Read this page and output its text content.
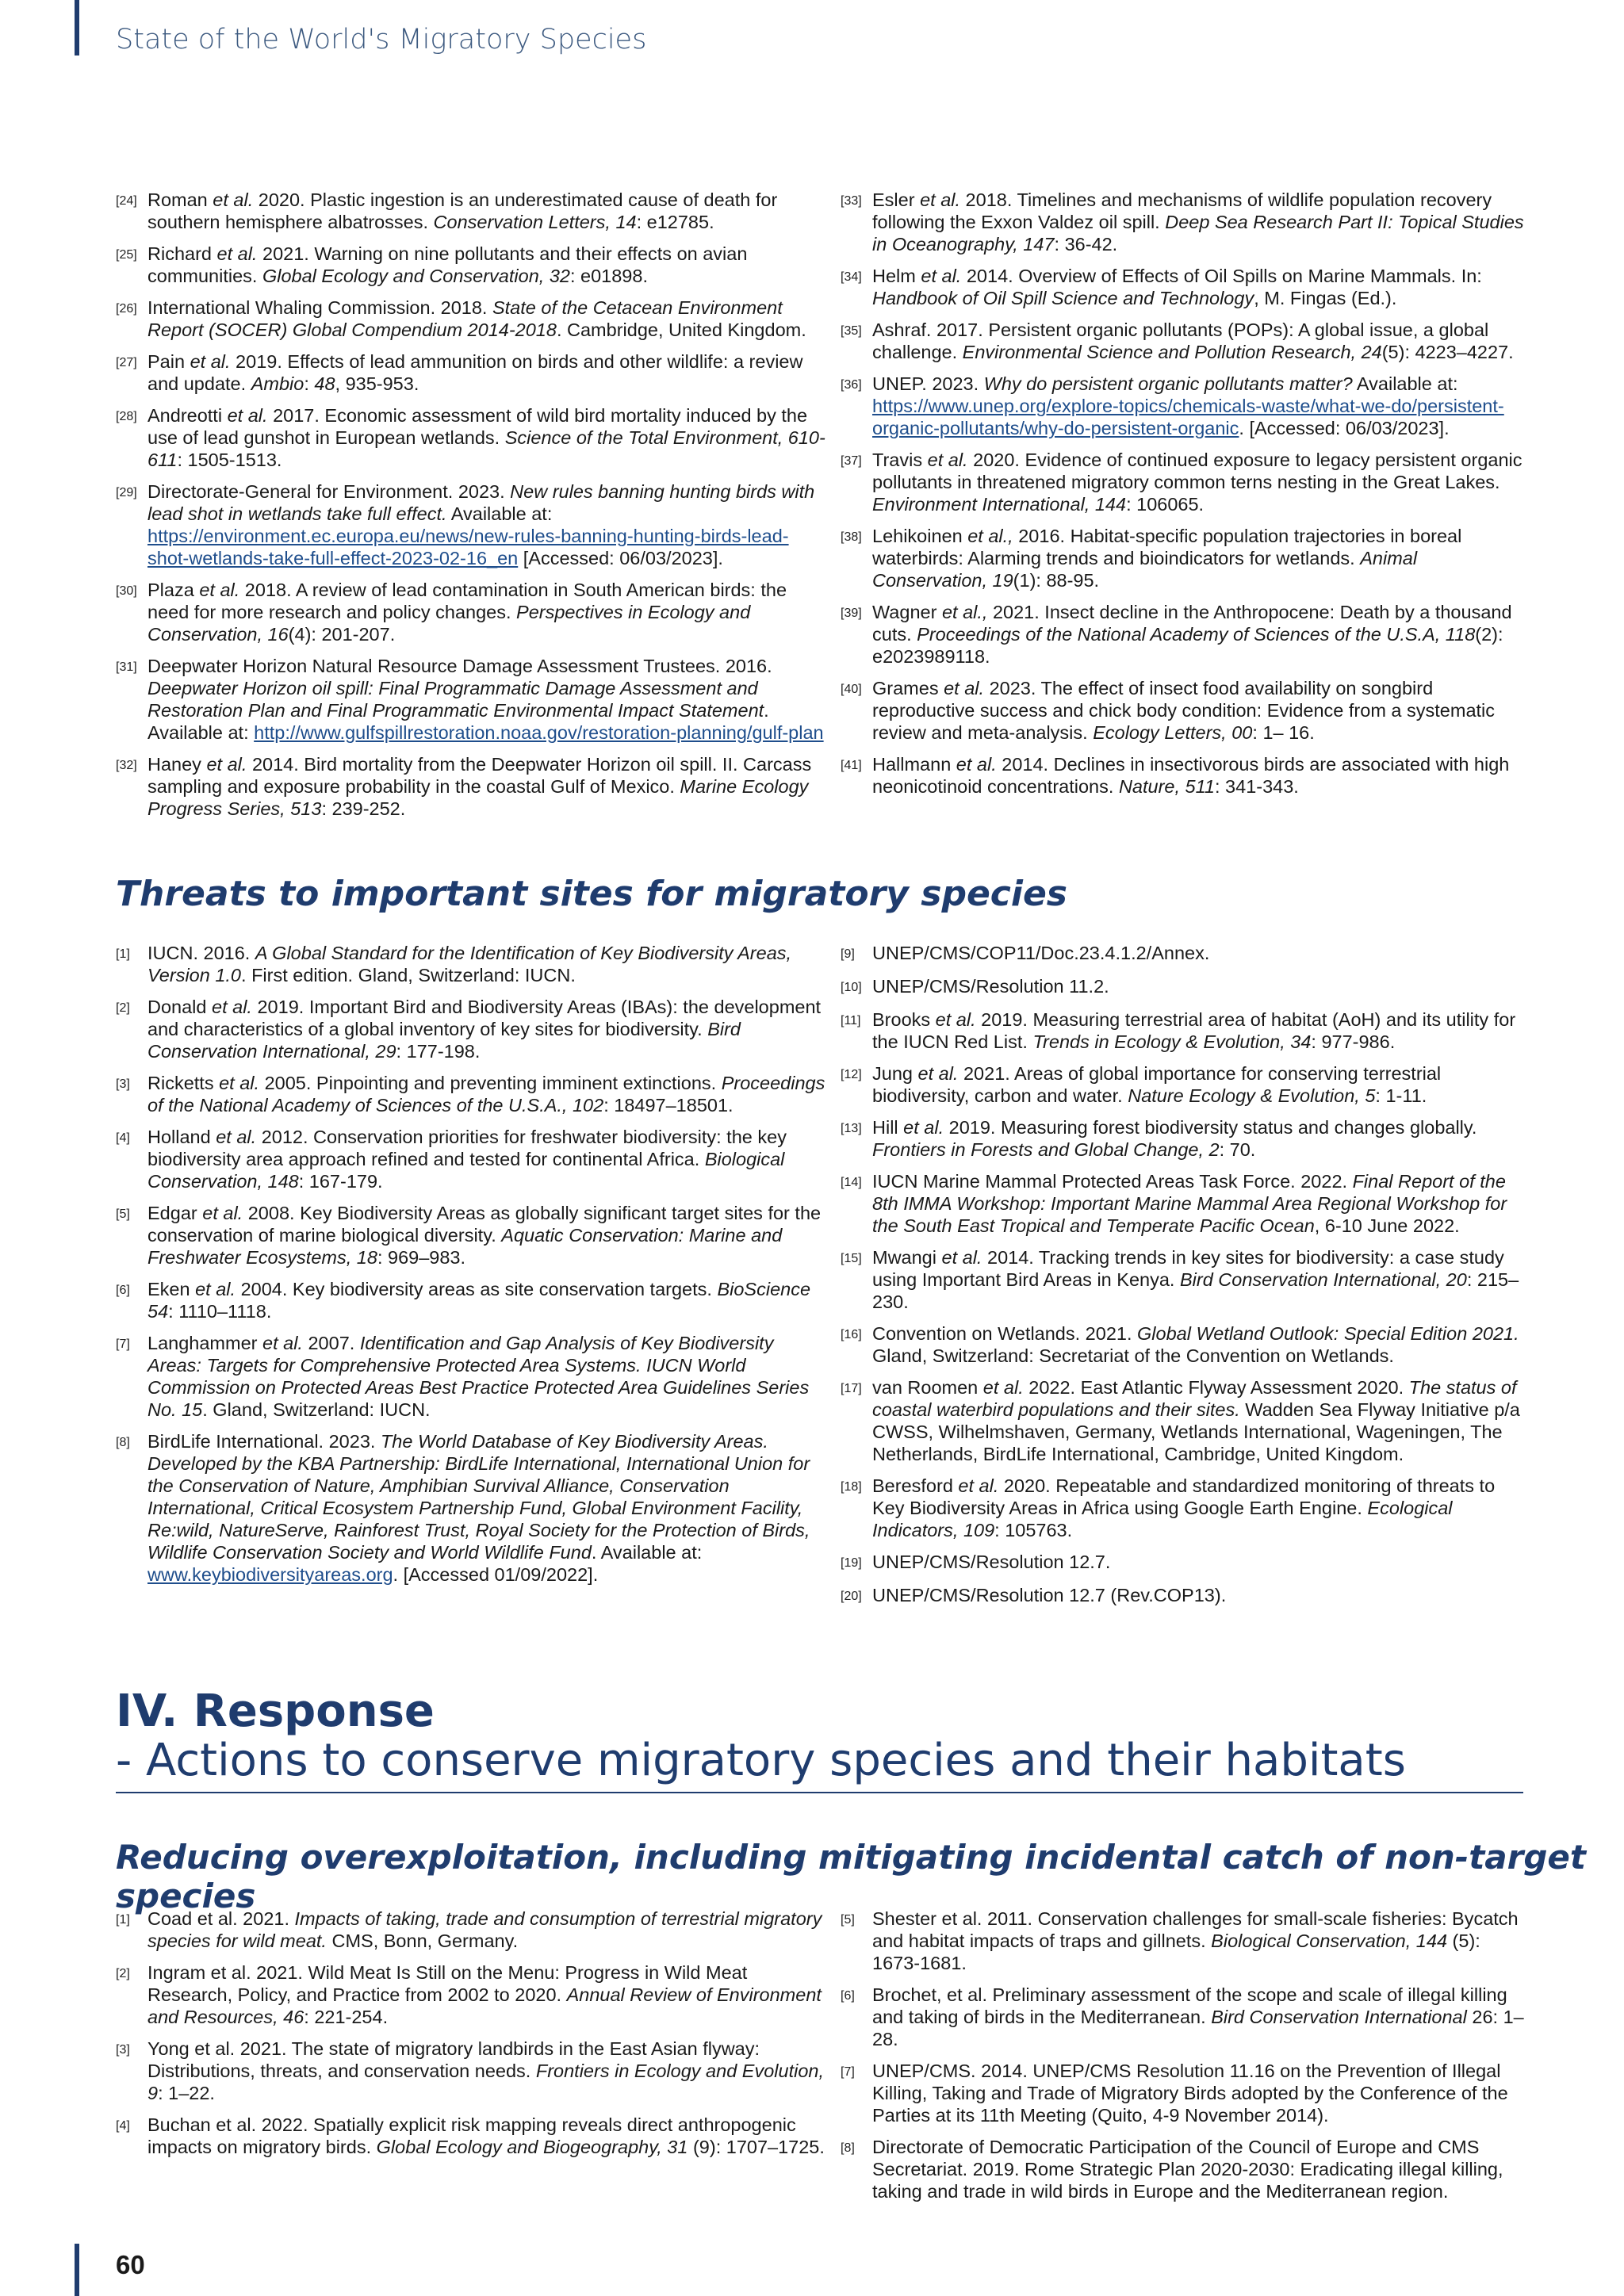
State of the World's Migratory Species
[24] Roman et al. 2020. Plastic ingestion is an underestimated cause of death for southern hemisphere albatrosses. Conservation Letters, 14: e12785.
[25] Richard et al. 2021. Warning on nine pollutants and their effects on avian communities. Global Ecology and Conservation, 32: e01898.
[26] International Whaling Commission. 2018. State of the Cetacean Environment Report (SOCER) Global Compendium 2014-2018. Cambridge, United Kingdom.
[27] Pain et al. 2019. Effects of lead ammunition on birds and other wildlife: a review and update. Ambio: 48, 935-953.
[28] Andreotti et al. 2017. Economic assessment of wild bird mortality induced by the use of lead gunshot in European wetlands. Science of the Total Environment, 610-611: 1505-1513.
[29] Directorate-General for Environment. 2023. New rules banning hunting birds with lead shot in wetlands take full effect. Available at: https://environment.ec.europa.eu/news/new-rules-banning-hunting-birds-lead-shot-wetlands-take-full-effect-2023-02-16_en [Accessed: 06/03/2023].
[30] Plaza et al. 2018. A review of lead contamination in South American birds: the need for more research and policy changes. Perspectives in Ecology and Conservation, 16(4): 201-207.
[31] Deepwater Horizon Natural Resource Damage Assessment Trustees. 2016. Deepwater Horizon oil spill: Final Programmatic Damage Assessment and Restoration Plan and Final Programmatic Environmental Impact Statement. Available at: http://www.gulfspillrestoration.noaa.gov/restoration-planning/gulf-plan
[32] Haney et al. 2014. Bird mortality from the Deepwater Horizon oil spill. II. Carcass sampling and exposure probability in the coastal Gulf of Mexico. Marine Ecology Progress Series, 513: 239-252.
[33] Esler et al. 2018. Timelines and mechanisms of wildlife population recovery following the Exxon Valdez oil spill. Deep Sea Research Part II: Topical Studies in Oceanography, 147: 36-42.
[34] Helm et al. 2014. Overview of Effects of Oil Spills on Marine Mammals. In: Handbook of Oil Spill Science and Technology, M. Fingas (Ed.).
[35] Ashraf. 2017. Persistent organic pollutants (POPs): A global issue, a global challenge. Environmental Science and Pollution Research, 24(5): 4223–4227.
[36] UNEP. 2023. Why do persistent organic pollutants matter? Available at: https://www.unep.org/explore-topics/chemicals-waste/what-we-do/persistent-organic-pollutants/why-do-persistent-organic. [Accessed: 06/03/2023].
[37] Travis et al. 2020. Evidence of continued exposure to legacy persistent organic pollutants in threatened migratory common terns nesting in the Great Lakes. Environment International, 144: 106065.
[38] Lehikoinen et al., 2016. Habitat-specific population trajectories in boreal waterbirds: Alarming trends and bioindicators for wetlands. Animal Conservation, 19(1): 88-95.
[39] Wagner et al., 2021. Insect decline in the Anthropocene: Death by a thousand cuts. Proceedings of the National Academy of Sciences of the U.S.A, 118(2): e2023989118.
[40] Grames et al. 2023. The effect of insect food availability on songbird reproductive success and chick body condition: Evidence from a systematic review and meta-analysis. Ecology Letters, 00: 1– 16.
[41] Hallmann et al. 2014. Declines in insectivorous birds are associated with high neonicotinoid concentrations. Nature, 511: 341-343.
Threats to important sites for migratory species
[1] IUCN. 2016. A Global Standard for the Identification of Key Biodiversity Areas, Version 1.0. First edition. Gland, Switzerland: IUCN.
[2] Donald et al. 2019. Important Bird and Biodiversity Areas (IBAs): the development and characteristics of a global inventory of key sites for biodiversity. Bird Conservation International, 29: 177-198.
[3] Ricketts et al. 2005. Pinpointing and preventing imminent extinctions. Proceedings of the National Academy of Sciences of the U.S.A., 102: 18497–18501.
[4] Holland et al. 2012. Conservation priorities for freshwater biodiversity: the key biodiversity area approach refined and tested for continental Africa. Biological Conservation, 148: 167-179.
[5] Edgar et al. 2008. Key Biodiversity Areas as globally significant target sites for the conservation of marine biological diversity. Aquatic Conservation: Marine and Freshwater Ecosystems, 18: 969–983.
[6] Eken et al. 2004. Key biodiversity areas as site conservation targets. BioScience 54: 1110–1118.
[7] Langhammer et al. 2007. Identification and Gap Analysis of Key Biodiversity Areas: Targets for Comprehensive Protected Area Systems. IUCN World Commission on Protected Areas Best Practice Protected Area Guidelines Series No. 15. Gland, Switzerland: IUCN.
[8] BirdLife International. 2023. The World Database of Key Biodiversity Areas. Developed by the KBA Partnership: BirdLife International, International Union for the Conservation of Nature, Amphibian Survival Alliance, Conservation International, Critical Ecosystem Partnership Fund, Global Environment Facility, Re:wild, NatureServe, Rainforest Trust, Royal Society for the Protection of Birds, Wildlife Conservation Society and World Wildlife Fund. Available at: www.keybiodiversityareas.org. [Accessed 01/09/2022].
[9] UNEP/CMS/COP11/Doc.23.4.1.2/Annex.
[10] UNEP/CMS/Resolution 11.2.
[11] Brooks et al. 2019. Measuring terrestrial area of habitat (AoH) and its utility for the IUCN Red List. Trends in Ecology & Evolution, 34: 977-986.
[12] Jung et al. 2021. Areas of global importance for conserving terrestrial biodiversity, carbon and water. Nature Ecology & Evolution, 5: 1-11.
[13] Hill et al. 2019. Measuring forest biodiversity status and changes globally. Frontiers in Forests and Global Change, 2: 70.
[14] IUCN Marine Mammal Protected Areas Task Force. 2022. Final Report of the 8th IMMA Workshop: Important Marine Mammal Area Regional Workshop for the South East Tropical and Temperate Pacific Ocean, 6-10 June 2022.
[15] Mwangi et al. 2014. Tracking trends in key sites for biodiversity: a case study using Important Bird Areas in Kenya. Bird Conservation International, 20: 215–230.
[16] Convention on Wetlands. 2021. Global Wetland Outlook: Special Edition 2021. Gland, Switzerland: Secretariat of the Convention on Wetlands.
[17] van Roomen et al. 2022. East Atlantic Flyway Assessment 2020. The status of coastal waterbird populations and their sites. Wadden Sea Flyway Initiative p/a CWSS, Wilhelmshaven, Germany, Wetlands International, Wageningen, The Netherlands, BirdLife International, Cambridge, United Kingdom.
[18] Beresford et al. 2020. Repeatable and standardized monitoring of threats to Key Biodiversity Areas in Africa using Google Earth Engine. Ecological Indicators, 109: 105763.
[19] UNEP/CMS/Resolution 12.7.
[20] UNEP/CMS/Resolution 12.7 (Rev.COP13).
IV. Response
- Actions to conserve migratory species and their habitats
Reducing overexploitation, including mitigating incidental catch of non-target species
[1] Coad et al. 2021. Impacts of taking, trade and consumption of terrestrial migratory species for wild meat. CMS, Bonn, Germany.
[2] Ingram et al. 2021. Wild Meat Is Still on the Menu: Progress in Wild Meat Research, Policy, and Practice from 2002 to 2020. Annual Review of Environment and Resources, 46: 221-254.
[3] Yong et al. 2021. The state of migratory landbirds in the East Asian flyway: Distributions, threats, and conservation needs. Frontiers in Ecology and Evolution, 9: 1–22.
[4] Buchan et al. 2022. Spatially explicit risk mapping reveals direct anthropogenic impacts on migratory birds. Global Ecology and Biogeography, 31 (9): 1707–1725.
[5] Shester et al. 2011. Conservation challenges for small-scale fisheries: Bycatch and habitat impacts of traps and gillnets. Biological Conservation, 144 (5): 1673-1681.
[6] Brochet, et al. Preliminary assessment of the scope and scale of illegal killing and taking of birds in the Mediterranean. Bird Conservation International 26: 1–28.
[7] UNEP/CMS. 2014. UNEP/CMS Resolution 11.16 on the Prevention of Illegal Killing, Taking and Trade of Migratory Birds adopted by the Conference of the Parties at its 11th Meeting (Quito, 4-9 November 2014).
[8] Directorate of Democratic Participation of the Council of Europe and CMS Secretariat. 2019. Rome Strategic Plan 2020-2030: Eradicating illegal killing, taking and trade in wild birds in Europe and the Mediterranean region.
60
